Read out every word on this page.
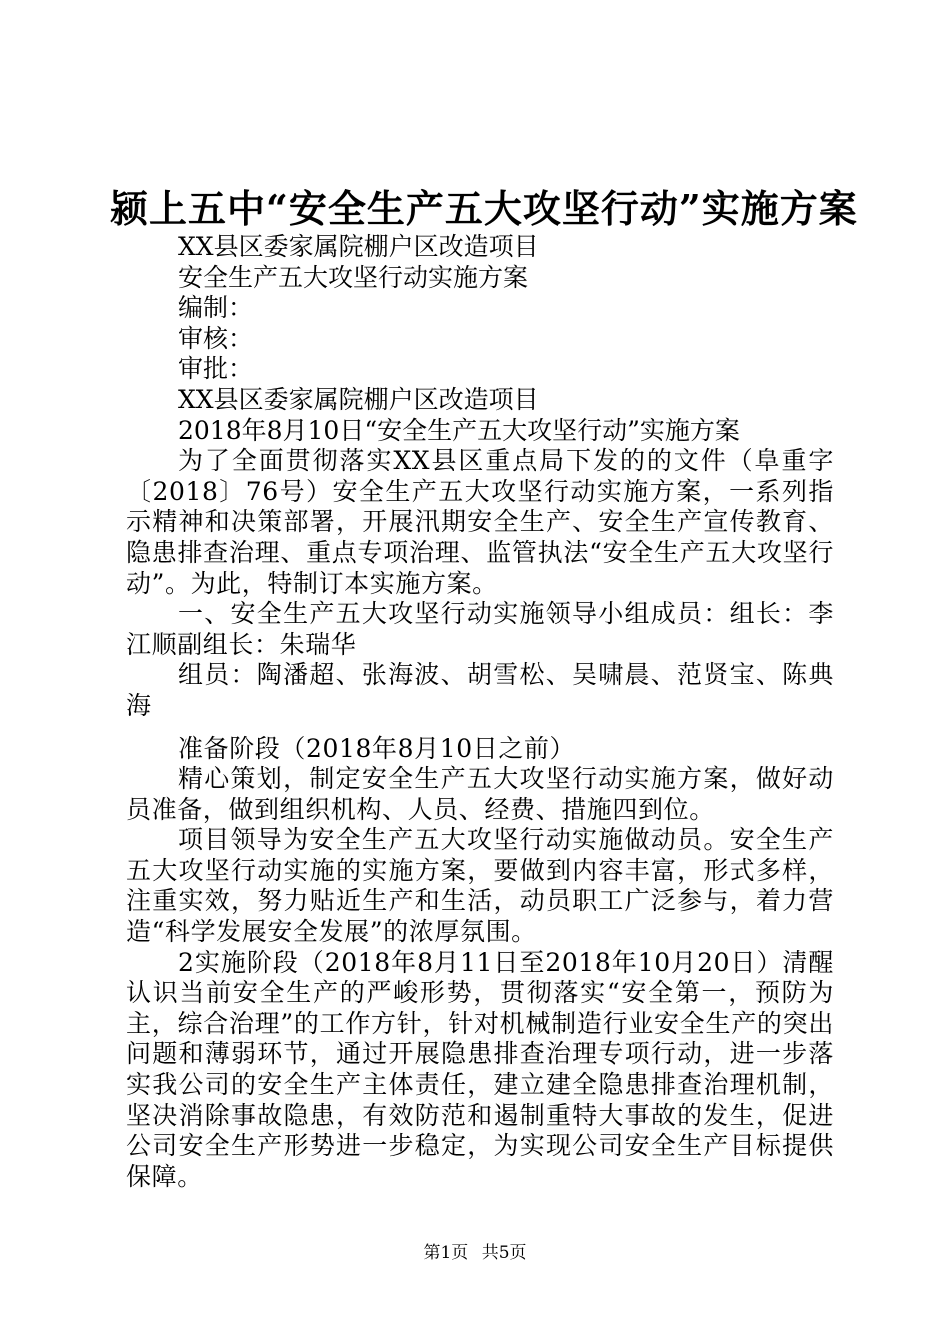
颍上五中“安全生产五大攻坚行动”实施方案

XX县区委家属院棚户区改造项目

安全生产五大攻坚行动实施方案

编制：

审核：

审批：

XX县区委家属院棚户区改造项目

2018年8月10日“安全生产五大攻坚行动”实施方案

为了全面贯彻落实XX县区重点局下发的的文件（阜重字〔2018〕76号）安全生产五大攻坚行动实施方案，一系列指示精神和决策部署，开展汛期安全生产、安全生产宣传教育、隐患排查治理、重点专项治理、监管执法“安全生产五大攻坚行动”。为此，特制订本实施方案。

一、安全生产五大攻坚行动实施领导小组成员：组长：李江顺副组长：朱瑞华

组员：陶潘超、张海波、胡雪松、吴啸晨、范贤宝、陈典海

准备阶段（2018年8月10日之前）

精心策划，制定安全生产五大攻坚行动实施方案，做好动员准备，做到组织机构、人员、经费、措施四到位。

项目领导为安全生产五大攻坚行动实施做动员。安全生产五大攻坚行动实施的实施方案，要做到内容丰富，形式多样，注重实效，努力贴近生产和生活，动员职工广泛参与，着力营造“科学发展安全发展”的浓厚氛围。

2实施阶段（2018年8月11日至2018年10月20日）清醒认识当前安全生产的严峻形势，贯彻落实“安全第一，预防为主，综合治理”的工作方针，针对机械制造行业安全生产的突出问题和薄弱环节，通过开展隐患排查治理专项行动，进一步落实我公司的安全生产主体责任，建立建全隐患排查治理机制，坚决消除事故隐患，有效防范和遏制重特大事故的发生，促进公司安全生产形势进一步稳定，为实现公司安全生产目标提供保障。

第1页 共5页
